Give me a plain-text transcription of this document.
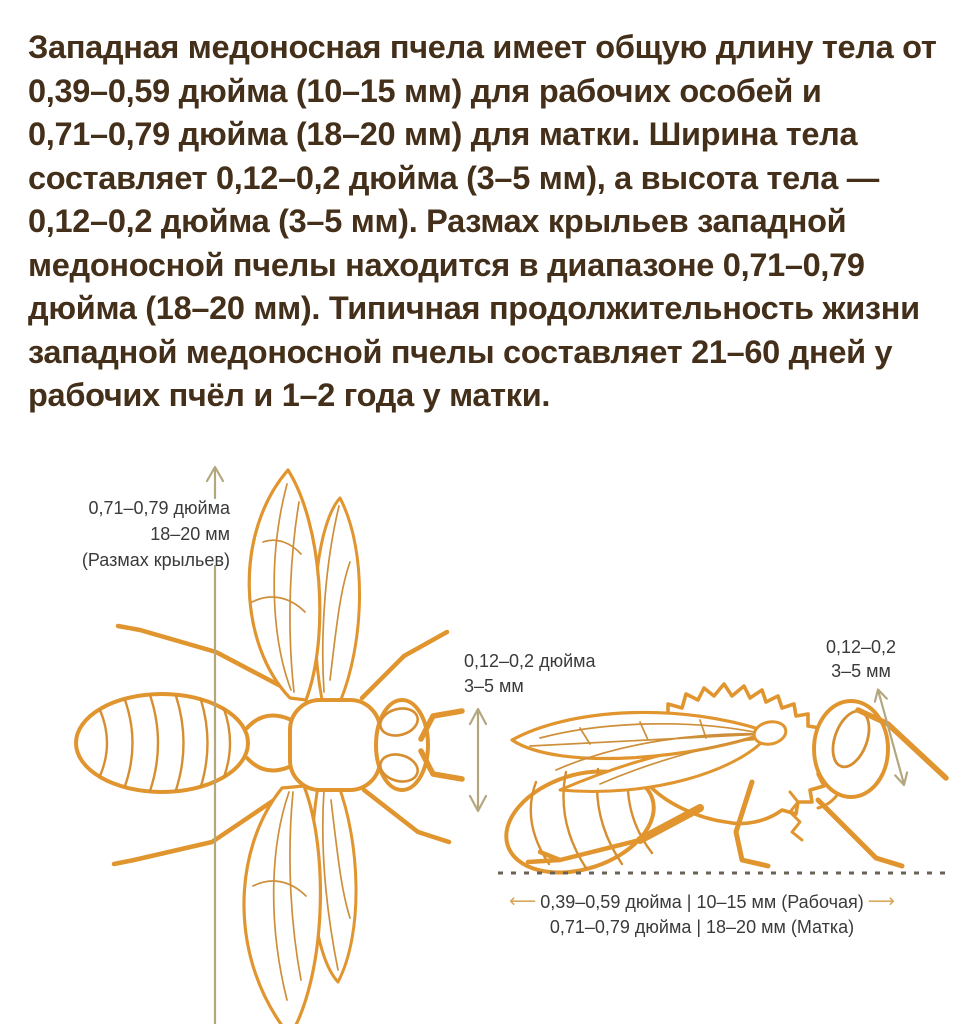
Западная медоносная пчела имеет общую длину тела от
0,39–0,59 дюйма (10–15 мм) для рабочих особей и
0,71–0,79 дюйма (18–20 мм) для матки. Ширина тела
составляет 0,12–0,2 дюйма (3–5 мм), а высота тела —
0,12–0,2 дюйма (3–5 мм). Размах крыльев западной
медоносной пчелы находится в диапазоне 0,71–0,79
дюйма (18–20 мм). Типичная продолжительность жизни
западной медоносной пчелы составляет 21–60 дней у
рабочих пчёл и 1–2 года у матки.
0,71–0,79 дюйма
18–20 мм
(Размах крыльев)
0,12–0,2 дюйма
3–5 мм
0,12–0,2
3–5 мм
⟵ 0,39–0,59 дюйма | 10–15 мм (Рабочая) ⟶
0,71–0,79 дюйма | 18–20 мм (Матка)
